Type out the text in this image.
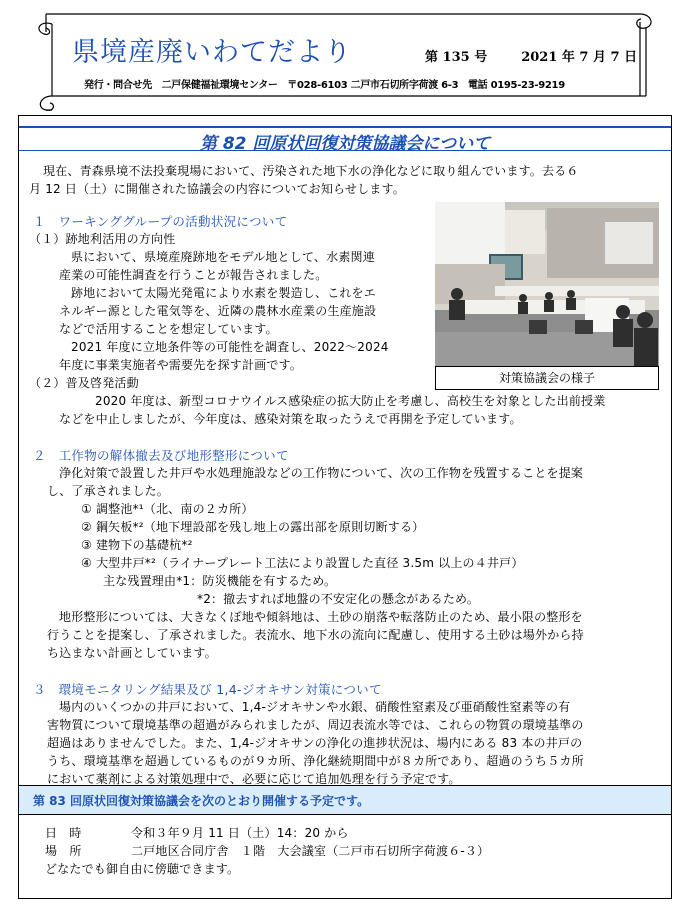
県境産廃いわてだより	第 135 号	2021 年 7 月 7 日
発行・問合せ先　二戸保健福祉環境センター　〒028-6103 二戸市石切所字荷渡 6-3　電話 0195-23-9219
第 82 回原状回復対策協議会について
現在、青森県境不法投棄現場において、汚染された地下水の浄化などに取り組んでいます。去る６
月 12 日（土）に開催された協議会の内容についてお知らせします。
１　ワーキンググループの活動状況について
（１）跡地利活用の方向性
県において、県境産廃跡地をモデル地として、水素関連
産業の可能性調査を行うことが報告されました。
跡地において太陽光発電により水素を製造し、これをエ
ネルギー源とした電気等を、近隣の農林水産業の生産施設
などで活用することを想定しています。
2021 年度に立地条件等の可能性を調査し、2022～2024
年度に事業実施者や需要先を探す計画です。
（２）普及啓発活動
2020 年度は、新型コロナウイルス感染症の拡大防止を考慮し、高校生を対象とした出前授業
などを中止しましたが、今年度は、感染対策を取ったうえで再開を予定しています。
対策協議会の様子
２　工作物の解体撤去及び地形整形について
浄化対策で設置した井戸や水処理施設などの工作物について、次の工作物を残置することを提案
し、了承されました。
① 調整池*¹（北、南の２カ所）
② 鋼矢板*²（地下埋設部を残し地上の露出部を原則切断する）
③ 建物下の基礎杭*²
④ 大型井戸*²（ライナープレート工法により設置した直径 3.5m 以上の４井戸）
主な残置理由*1：防災機能を有するため。
*2：撤去すれば地盤の不安定化の懸念があるため。
地形整形については、大きなくぼ地や傾斜地は、土砂の崩落や転落防止のため、最小限の整形を
行うことを提案し、了承されました。表流水、地下水の流向に配慮し、使用する土砂は場外から持
ち込まない計画としています。
３　環境モニタリング結果及び 1,4-ジオキサン対策について
場内のいくつかの井戸において、1,4-ジオキサンや水銀、硝酸性窒素及び亜硝酸性窒素等の有
害物質について環境基準の超過がみられましたが、周辺表流水等では、これらの物質の環境基準の
超過はありませんでした。また、1,4-ジオキサンの浄化の進捗状況は、場内にある 83 本の井戸の
うち、環境基準を超過しているものが９カ所、浄化継続期間中が８カ所であり、超過のうち５カ所
において薬剤による対策処理中で、必要に応じて追加処理を行う予定です。
第 83 回原状回復対策協議会を次のとおり開催する予定です。
日　時	令和３年９月 11 日（土）14：20 から
場　所	二戸地区合同庁舎　１階　大会議室（二戸市石切所字荷渡６-３）
どなたでも御自由に傍聴できます。
